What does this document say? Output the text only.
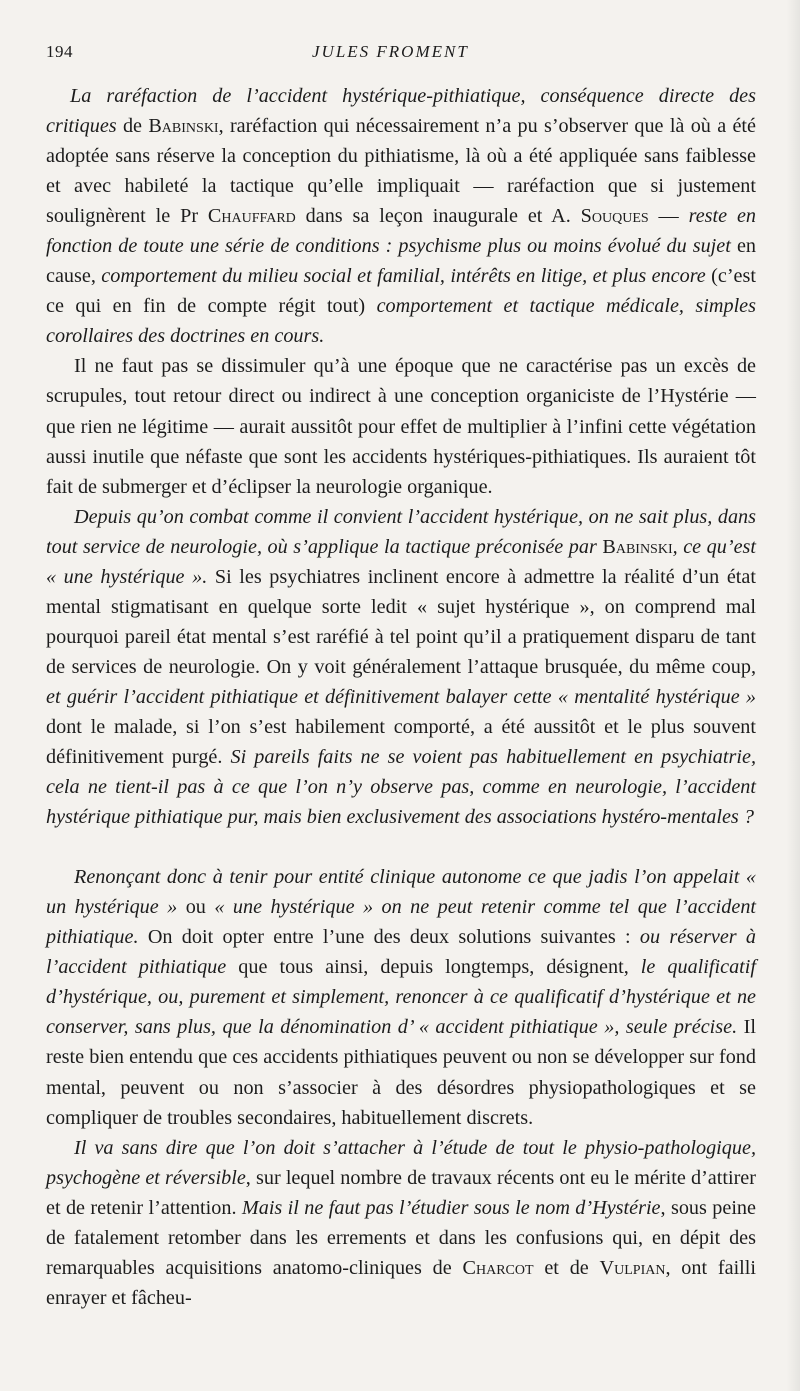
194	JULES FROMENT

La raréfaction de l’accident hystérique-pithiatique, conséquence directe des critiques de Babinski, raréfaction qui nécessairement n’a pu s’observer que là où a été adoptée sans réserve la conception du pithiatisme, là où a été appliquée sans faiblesse et avec habileté la tactique qu’elle impliquait — raréfaction que si justement soulignèrent le Pr Chauffard dans sa leçon inaugurale et A. Souques — reste en fonction de toute une série de conditions : psychisme plus ou moins évolué du sujet en cause, comportement du milieu social et familial, intérêts en litige, et plus encore (c’est ce qui en fin de compte régit tout) comportement et tactique médicale, simples corollaires des doctrines en cours.

Il ne faut pas se dissimuler qu’à une époque que ne caractérise pas un excès de scrupules, tout retour direct ou indirect à une conception organiciste de l’Hystérie — que rien ne légitime — aurait aussitôt pour effet de multiplier à l’infini cette végétation aussi inutile que néfaste que sont les accidents hystériques-pithiatiques. Ils auraient tôt fait de submerger et d’éclipser la neurologie organique.

Depuis qu’on combat comme il convient l’accident hystérique, on ne sait plus, dans tout service de neurologie, où s’applique la tactique préconisée par Babinski, ce qu’est « une hystérique ». Si les psychiatres inclinent encore à admettre la réalité d’un état mental stigmatisant en quelque sorte ledit « sujet hystérique », on comprend mal pourquoi pareil état mental s’est raréfié à tel point qu’il a pratiquement disparu de tant de services de neurologie. On y voit généralement l’attaque brusquée, du même coup, et guérir l’accident pithiatique et définitivement balayer cette « mentalité hystérique » dont le malade, si l’on s’est habilement comporté, a été aussitôt et le plus souvent définitivement purgé. Si pareils faits ne se voient pas habituellement en psychiatrie, cela ne tient-il pas à ce que l’on n’y observe pas, comme en neurologie, l’accident hystérique pithiatique pur, mais bien exclusivement des associations hystéro-mentales ?

Renonçant donc à tenir pour entité clinique autonome ce que jadis l’on appelait « un hystérique » ou « une hystérique » on ne peut retenir comme tel que l’accident pithiatique. On doit opter entre l’une des deux solutions suivantes : ou réserver à l’accident pithiatique que tous ainsi, depuis longtemps, désignent, le qualificatif d’hystérique, ou, purement et simplement, renoncer à ce qualificatif d’hystérique et ne conserver, sans plus, que la dénomination d’ « accident pithiatique », seule précise. Il reste bien entendu que ces accidents pithiatiques peuvent ou non se développer sur fond mental, peuvent ou non s’associer à des désordres physiopathologiques et se compliquer de troubles secondaires, habituellement discrets.

Il va sans dire que l’on doit s’attacher à l’étude de tout le physio-pathologique, psychogène et réversible, sur lequel nombre de travaux récents ont eu le mérite d’attirer et de retenir l’attention. Mais il ne faut pas l’étudier sous le nom d’Hystérie, sous peine de fatalement retomber dans les errements et dans les confusions qui, en dépit des remarquables acquisitions anatomo-cliniques de Charcot et de Vulpian, ont failli enrayer et fâcheu-
